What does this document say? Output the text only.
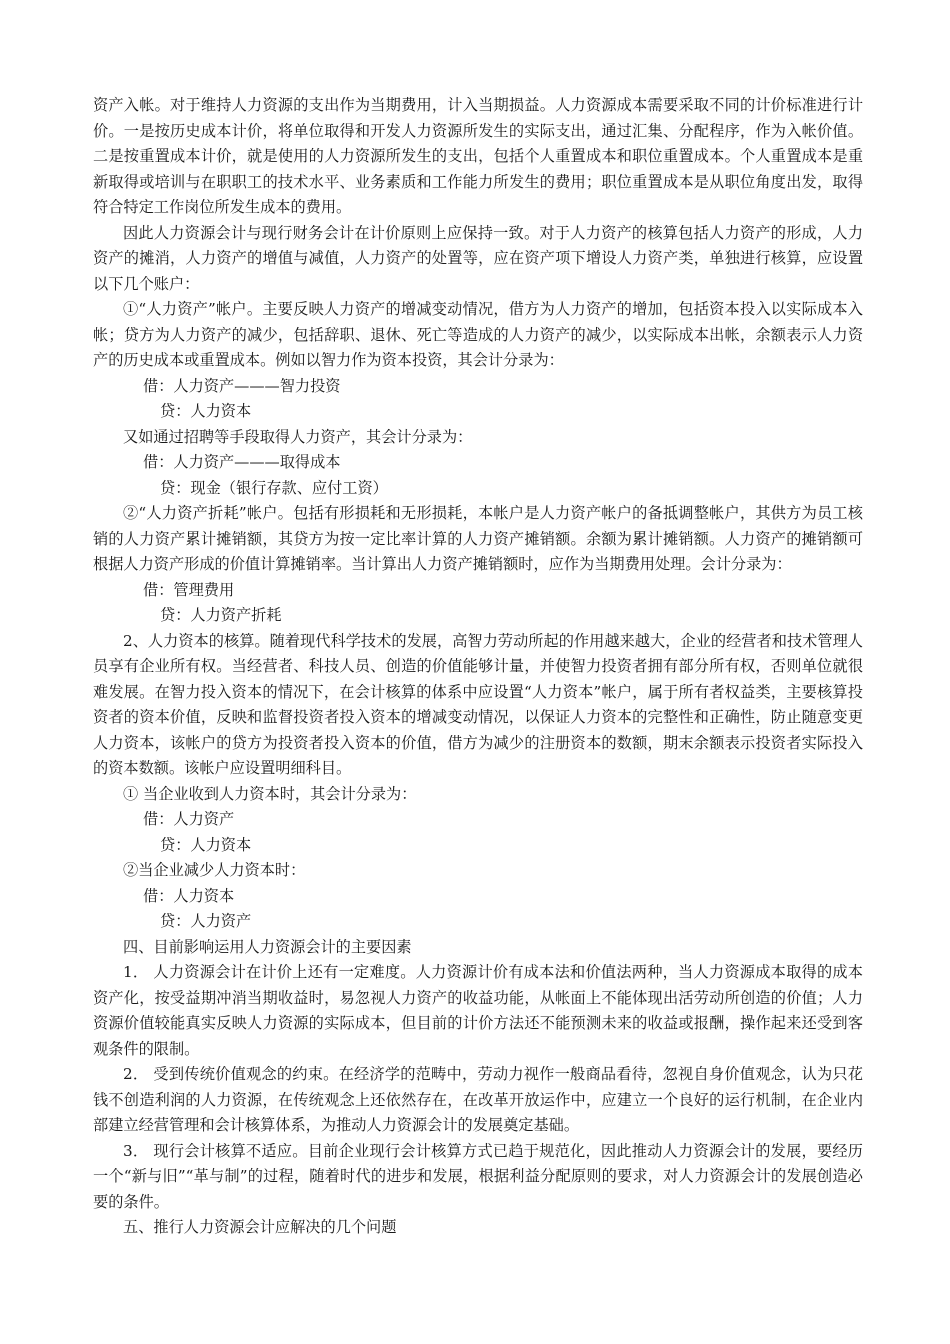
资产入帐。对于维持人力资源的支出作为当期费用，计入当期损益。人力资源成本需要采取不同的计价标准进行计价。一是按历史成本计价，将单位取得和开发人力资源所发生的实际支出，通过汇集、分配程序，作为入帐价值。二是按重置成本计价，就是使用的人力资源所发生的支出，包括个人重置成本和职位重置成本。个人重置成本是重新取得或培训与在职职工的技术水平、业务素质和工作能力所发生的费用；职位重置成本是从职位角度出发，取得符合特定工作岗位所发生成本的费用。

因此人力资源会计与现行财务会计在计价原则上应保持一致。对于人力资产的核算包括人力资产的形成，人力资产的摊消，人力资产的增值与减值，人力资产的处置等，应在资产项下增设人力资产类，单独进行核算，应设置以下几个账户：

①“人力资产”帐户。主要反映人力资产的增减变动情况，借方为人力资产的增加，包括资本投入以实际成本入帐；贷方为人力资产的减少，包括辞职、退休、死亡等造成的人力资产的减少，以实际成本出帐，余额表示人力资产的历史成本或重置成本。例如以智力作为资本投资，其会计分录为：

借：人力资产———智力投资

贷：人力资本

又如通过招聘等手段取得人力资产，其会计分录为：

借：人力资产———取得成本

贷：现金（银行存款、应付工资）

②“人力资产折耗”帐户。包括有形损耗和无形损耗，本帐户是人力资产帐户的备抵调整帐户，其供方为员工核销的人力资产累计摊销额，其贷方为按一定比率计算的人力资产摊销额。余额为累计摊销额。人力资产的摊销额可根据人力资产形成的价值计算摊销率。当计算出人力资产摊销额时，应作为当期费用处理。会计分录为：

借：管理费用

贷：人力资产折耗

2、人力资本的核算。随着现代科学技术的发展，高智力劳动所起的作用越来越大，企业的经营者和技术管理人员享有企业所有权。当经营者、科技人员、创造的价值能够计量，并使智力投资者拥有部分所有权，否则单位就很难发展。在智力投入资本的情况下，在会计核算的体系中应设置“人力资本”帐户，属于所有者权益类，主要核算投资者的资本价值，反映和监督投资者投入资本的增减变动情况，以保证人力资本的完整性和正确性，防止随意变更人力资本，该帐户的贷方为投资者投入资本的价值，借方为减少的注册资本的数额，期末余额表示投资者实际投入的资本数额。该帐户应设置明细科目。

① 当企业收到人力资本时，其会计分录为：

借：人力资产

贷：人力资本

②当企业减少人力资本时：

借：人力资本

贷：人力资产

四、目前影响运用人力资源会计的主要因素

1． 人力资源会计在计价上还有一定难度。人力资源计价有成本法和价值法两种，当人力资源成本取得的成本资产化，按受益期冲消当期收益时，易忽视人力资产的收益功能，从帐面上不能体现出活劳动所创造的价值；人力资源价值较能真实反映人力资源的实际成本，但目前的计价方法还不能预测未来的收益或报酬，操作起来还受到客观条件的限制。

2． 受到传统价值观念的约束。在经济学的范畴中，劳动力视作一般商品看待，忽视自身价值观念，认为只花钱不创造利润的人力资源，在传统观念上还依然存在，在改革开放运作中，应建立一个良好的运行机制，在企业内部建立经营管理和会计核算体系，为推动人力资源会计的发展奠定基础。

3． 现行会计核算不适应。目前企业现行会计核算方式已趋于规范化，因此推动人力资源会计的发展，要经历一个“新与旧”“革与制”的过程，随着时代的进步和发展，根据利益分配原则的要求，对人力资源会计的发展创造必要的条件。

五、推行人力资源会计应解决的几个问题
